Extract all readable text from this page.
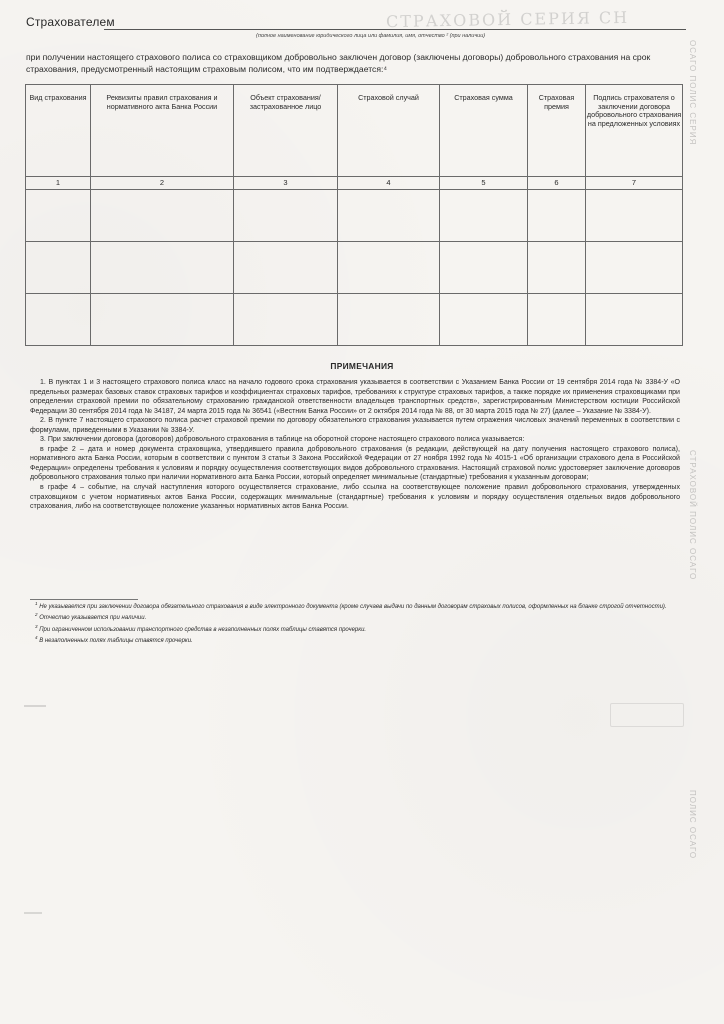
Страхователем	СТРАХОВОЙ СЕРИЯ СН
(полное наименование юридического лица или фамилия, имя, отчество ² (при наличии)
при получении настоящего страхового полиса со страховщиком добровольно заключен договор (заключены договоры) добровольного страхования на срок страхования, предусмотренный настоящим страховым полисом, что им подтверждается:⁴
Вид страхования	Реквизиты правил страхования и нормативного акта Банка России	Объект страхования/ застрахованное лицо	Страховой случай	Страховая сумма	Страховая премия	Подпись страхователя о заключении договора добровольного страхования на предложенных условиях
1	2	3	4	5	6	7

ПРИМЕЧАНИЯ

1. В пунктах 1 и 3 настоящего страхового полиса класс на начало годового срока страхования указывается в соответствии с Указанием Банка России от 19 сентября 2014 года № 3384-У «О предельных размерах базовых ставок страховых тарифов и коэффициентах страховых тарифов, требованиях к структуре страховых тарифов, а также порядке их применения страховщиками при определении страховой премии по обязательному страхованию гражданской ответственности владельцев транспортных средств», зарегистрированным Министерством юстиции Российской Федерации 30 сентября 2014 года № 34187, 24 марта 2015 года № 36541 («Вестник Банка России» от 2 октября 2014 года № 88, от 30 марта 2015 года № 27) (далее – Указание № 3384-У).

2. В пункте 7 настоящего страхового полиса расчет страховой премии по договору обязательного страхования указывается путем отражения числовых значений переменных в соответствии с формулами, приведенными в Указании № 3384-У.

3. При заключении договора (договоров) добровольного страхования в таблице на оборотной стороне настоящего страхового полиса указывается:

в графе 2 – дата и номер документа страховщика, утвердившего правила добровольного страхования (в редакции, действующей на дату получения настоящего страхового полиса), нормативного акта Банка России, которым в соответствии с пунктом 3 статьи 3 Закона Российской Федерации от 27 ноября 1992 года № 4015-1 «Об организации страхового дела в Российской Федерации» определены требования к условиям и порядку осуществления соответствующих видов добровольного страхования. Настоящий страховой полис удостоверяет заключение договоров добровольного страхования только при наличии нормативного акта Банка России, который определяет минимальные (стандартные) требования к указанным договорам;

в графе 4 – событие, на случай наступления которого осуществляется страхование, либо ссылка на соответствующее положение правил добровольного страхования, утвержденных страховщиком с учетом нормативных актов Банка России, содержащих минимальные (стандартные) требования к условиям и порядку осуществления отдельных видов добровольного страхования, либо на соответствующее положение указанных нормативных актов Банка России.

$^1$ Не указывается при заключении договора обязательного страхования в виде электронного документа (кроме случаев выдачи по данным договорам страховых полисов, оформленных на бланке строгой отчетности).

$^2$ Отчество указывается при наличии.

$^3$ При ограниченном использовании транспортного средства в незаполненных полях таблицы ставятся прочерки.

$^4$ В незаполненных полях таблицы ставятся прочерки.

ОСАГО ПОЛИС СЕРИЯ
СТРАХОВОЙ ПОЛИС ОСАГО
ПОЛИС ОСАГО
